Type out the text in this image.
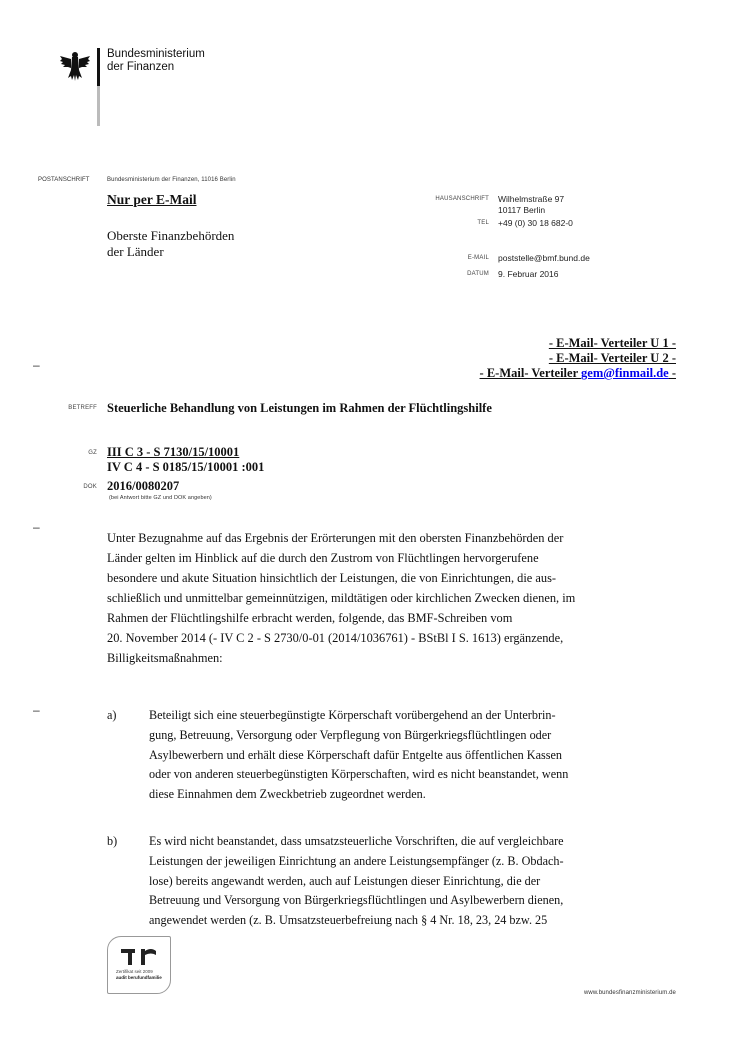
Bundesministerium
der Finanzen
POSTANSCHRIFT	Bundesministerium der Finanzen, 11016 Berlin
Nur per E-Mail
Oberste Finanzbehörden
der Länder
HAUSANSCHRIFT Wilhelmstraße 97
10117 Berlin
TEL +49 (0) 30 18 682-0
E-MAIL poststelle@bmf.bund.de
DATUM 9. Februar 2016
- E-Mail- Verteiler U 1 -
- E-Mail- Verteiler U 2 -
- E-Mail- Verteiler gem@finmail.de -
–
–
–
BETREFF Steuerliche Behandlung von Leistungen im Rahmen der Flüchtlingshilfe
GZ III C 3 - S 7130/15/10001
IV C 4 - S 0185/15/10001 :001
DOK 2016/0080207
(bei Antwort bitte GZ und DOK angeben)
Unter Bezugnahme auf das Ergebnis der Erörterungen mit den obersten Finanzbehörden der
Länder gelten im Hinblick auf die durch den Zustrom von Flüchtlingen hervorgerufene
besondere und akute Situation hinsichtlich der Leistungen, die von Einrichtungen, die aus-
schließlich und unmittelbar gemeinnützigen, mildtätigen oder kirchlichen Zwecken dienen, im
Rahmen der Flüchtlingshilfe erbracht werden, folgende, das BMF-Schreiben vom
20. November 2014 (- IV C 2 - S 2730/0-01 (2014/1036761) - BStBl I S. 1613) ergänzende,
Billigkeitsmaßnahmen:
a)	Beteiligt sich eine steuerbegünstigte Körperschaft vorübergehend an der Unterbrin-
gung, Betreuung, Versorgung oder Verpflegung von Bürgerkriegsflüchtlingen oder
Asylbewerbern und erhält diese Körperschaft dafür Entgelte aus öffentlichen Kassen
oder von anderen steuerbegünstigten Körperschaften, wird es nicht beanstandet, wenn
diese Einnahmen dem Zweckbetrieb zugeordnet werden.
b)	Es wird nicht beanstandet, dass umsatzsteuerliche Vorschriften, die auf vergleichbare
Leistungen der jeweiligen Einrichtung an andere Leistungsempfänger (z. B. Obdach-
lose) bereits angewandt werden, auch auf Leistungen dieser Einrichtung, die der
Betreuung und Versorgung von Bürgerkriegsflüchtlingen und Asylbewerbern dienen,
angewendet werden (z. B. Umsatzsteuerbefreiung nach § 4 Nr. 18, 23, 24 bzw. 25
Zertifikat seit 2009
audit berufundfamilie
www.bundesfinanzministerium.de
